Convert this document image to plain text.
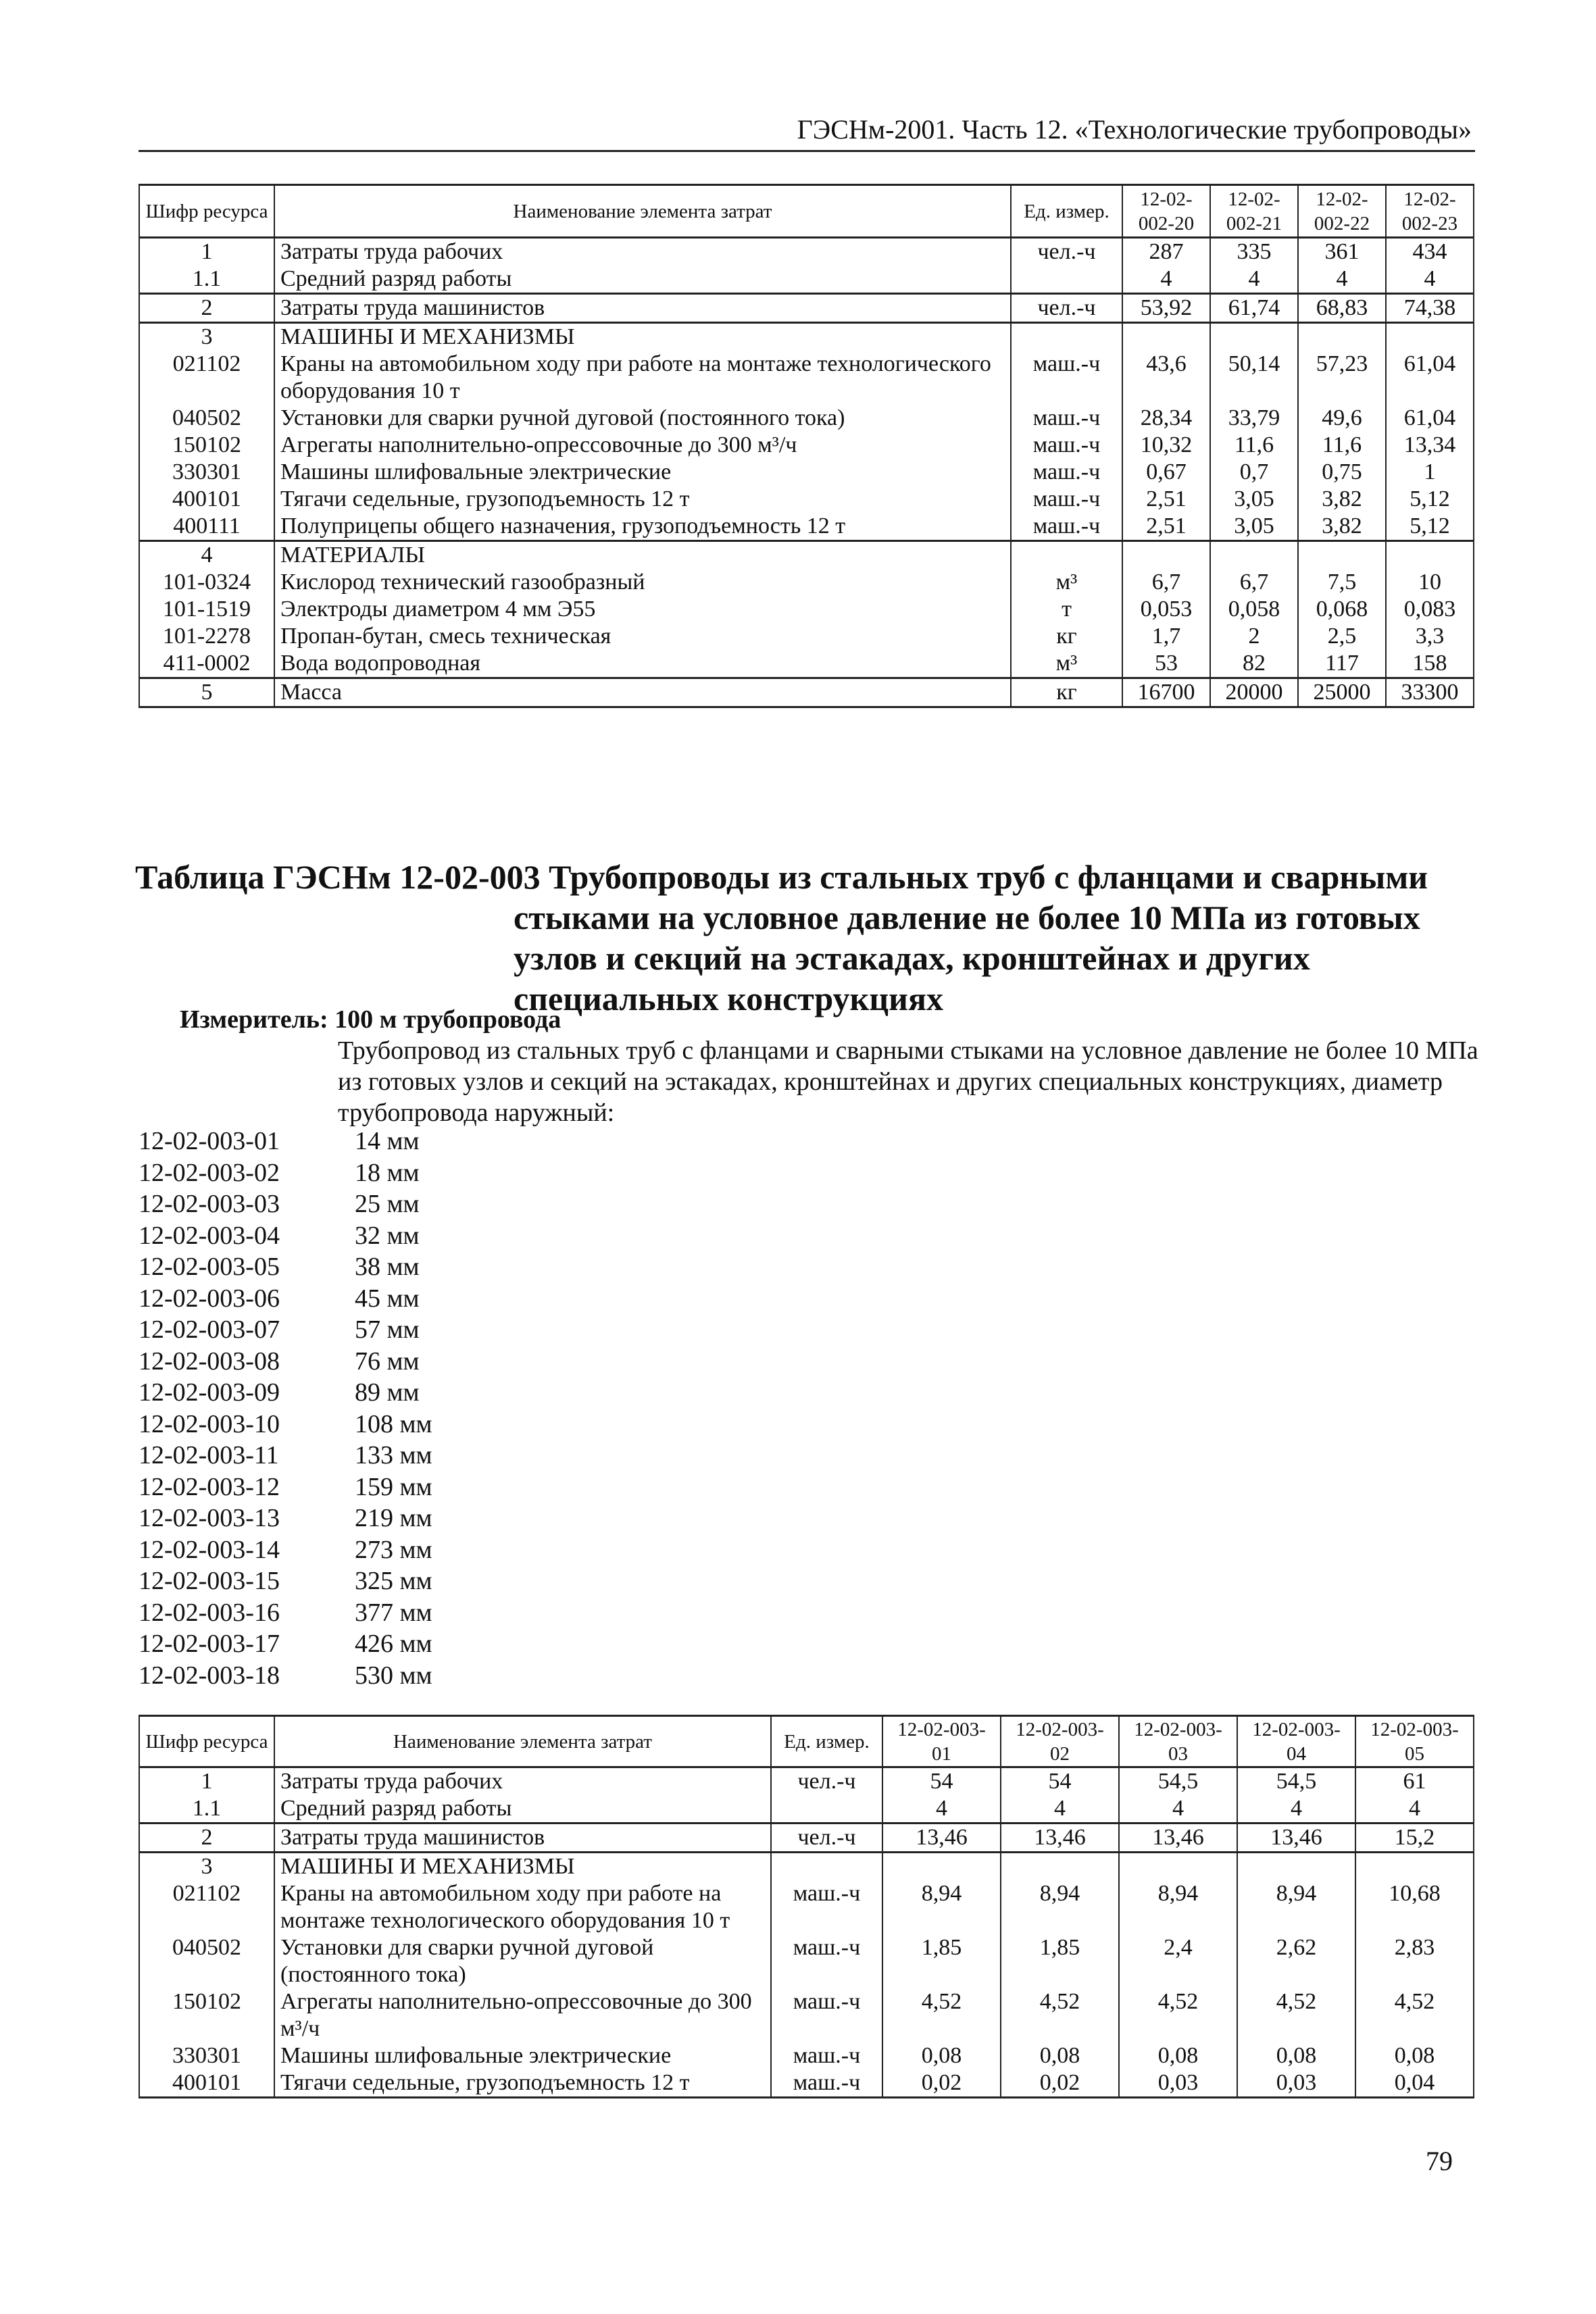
ГЭСНм-2001. Часть 12. «Технологические трубопроводы»
Шифр ресурса	Наименование элемента затрат	Ед. измер.	12-02-002-20	12-02-002-21	12-02-002-22	12-02-002-23
1	Затраты труда рабочих	чел.-ч	287	335	361	434
1.1	Средний разряд работы		4	4	4	4
2	Затраты труда машинистов	чел.-ч	53,92	61,74	68,83	74,38
3	МАШИНЫ И МЕХАНИЗМЫ					
021102	Краны на автомобильном ходу при работе на монтаже технологического оборудования 10 т	маш.-ч	43,6	50,14	57,23	61,04
040502	Установки для сварки ручной дуговой (постоянного тока)	маш.-ч	28,34	33,79	49,6	61,04
150102	Агрегаты наполнительно-опрессовочные до 300 м³/ч	маш.-ч	10,32	11,6	11,6	13,34
330301	Машины шлифовальные электрические	маш.-ч	0,67	0,7	0,75	1
400101	Тягачи седельные, грузоподъемность 12 т	маш.-ч	2,51	3,05	3,82	5,12
400111	Полуприцепы общего назначения, грузоподъемность 12 т	маш.-ч	2,51	3,05	3,82	5,12
4	МАТЕРИАЛЫ					
101-0324	Кислород технический газообразный	м³	6,7	6,7	7,5	10
101-1519	Электроды диаметром 4 мм Э55	т	0,053	0,058	0,068	0,083
101-2278	Пропан-бутан, смесь техническая	кг	1,7	2	2,5	3,3
411-0002	Вода водопроводная	м³	53	82	117	158
5	Масса	кг	16700	20000	25000	33300
Таблица ГЭСНм 12-02-003 Трубопроводы из стальных труб с фланцами и сварными
стыками на условное давление не более 10 МПа из готовых
узлов и секций на эстакадах, кронштейнах и других
специальных конструкциях
Измеритель: 100 м трубопровода
Трубопровод из стальных труб с фланцами и сварными стыками на условное давление не более 10 МПа из готовых узлов и секций на эстакадах, кронштейнах и других специальных конструкциях, диаметр трубопровода наружный:
12-02-003-01	14 мм
12-02-003-02	18 мм
12-02-003-03	25 мм
12-02-003-04	32 мм
12-02-003-05	38 мм
12-02-003-06	45 мм
12-02-003-07	57 мм
12-02-003-08	76 мм
12-02-003-09	89 мм
12-02-003-10	108 мм
12-02-003-11	133 мм
12-02-003-12	159 мм
12-02-003-13	219 мм
12-02-003-14	273 мм
12-02-003-15	325 мм
12-02-003-16	377 мм
12-02-003-17	426 мм
12-02-003-18	530 мм
Шифр ресурса	Наименование элемента затрат	Ед. измер.	12-02-003-01	12-02-003-02	12-02-003-03	12-02-003-04	12-02-003-05
1	Затраты труда рабочих	чел.-ч	54	54	54,5	54,5	61
1.1	Средний разряд работы		4	4	4	4	4
2	Затраты труда машинистов	чел.-ч	13,46	13,46	13,46	13,46	15,2
3	МАШИНЫ И МЕХАНИЗМЫ						
021102	Краны на автомобильном ходу при работе на монтаже технологического оборудования 10 т	маш.-ч	8,94	8,94	8,94	8,94	10,68
040502	Установки для сварки ручной дуговой (постоянного тока)	маш.-ч	1,85	1,85	2,4	2,62	2,83
150102	Агрегаты наполнительно-опрессовочные до 300 м³/ч	маш.-ч	4,52	4,52	4,52	4,52	4,52
330301	Машины шлифовальные электрические	маш.-ч	0,08	0,08	0,08	0,08	0,08
400101	Тягачи седельные, грузоподъемность 12 т	маш.-ч	0,02	0,02	0,03	0,03	0,04
79
